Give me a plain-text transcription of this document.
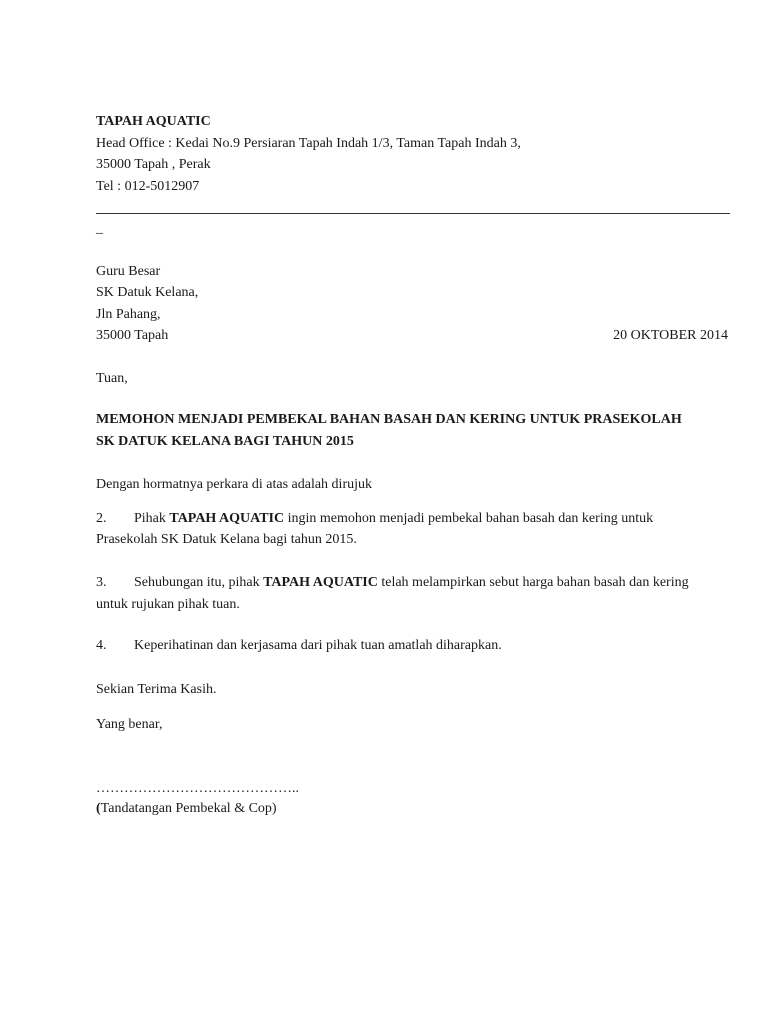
TAPAH AQUATIC
Head Office : Kedai No.9 Persiaran Tapah Indah 1/3, Taman Tapah Indah 3,
35000 Tapah , Perak
Tel : 012-5012907
_
Guru Besar
SK Datuk Kelana,
Jln Pahang,
35000 Tapah	20 OKTOBER 2014
Tuan,
MEMOHON MENJADI PEMBEKAL BAHAN BASAH DAN KERING UNTUK PRASEKOLAH
SK DATUK KELANA BAGI TAHUN 2015
Dengan hormatnya perkara di atas adalah dirujuk
2. Pihak TAPAH AQUATIC ingin memohon menjadi pembekal bahan basah dan kering untuk
Prasekolah SK Datuk Kelana bagi tahun 2015.
3. Sehubungan itu, pihak TAPAH AQUATIC telah melampirkan sebut harga bahan basah dan kering
untuk rujukan pihak tuan.
4. Keperihatinan dan kerjasama dari pihak tuan amatlah diharapkan.
Sekian Terima Kasih.
Yang benar,
……………………………………..
(Tandatangan Pembekal & Cop)
